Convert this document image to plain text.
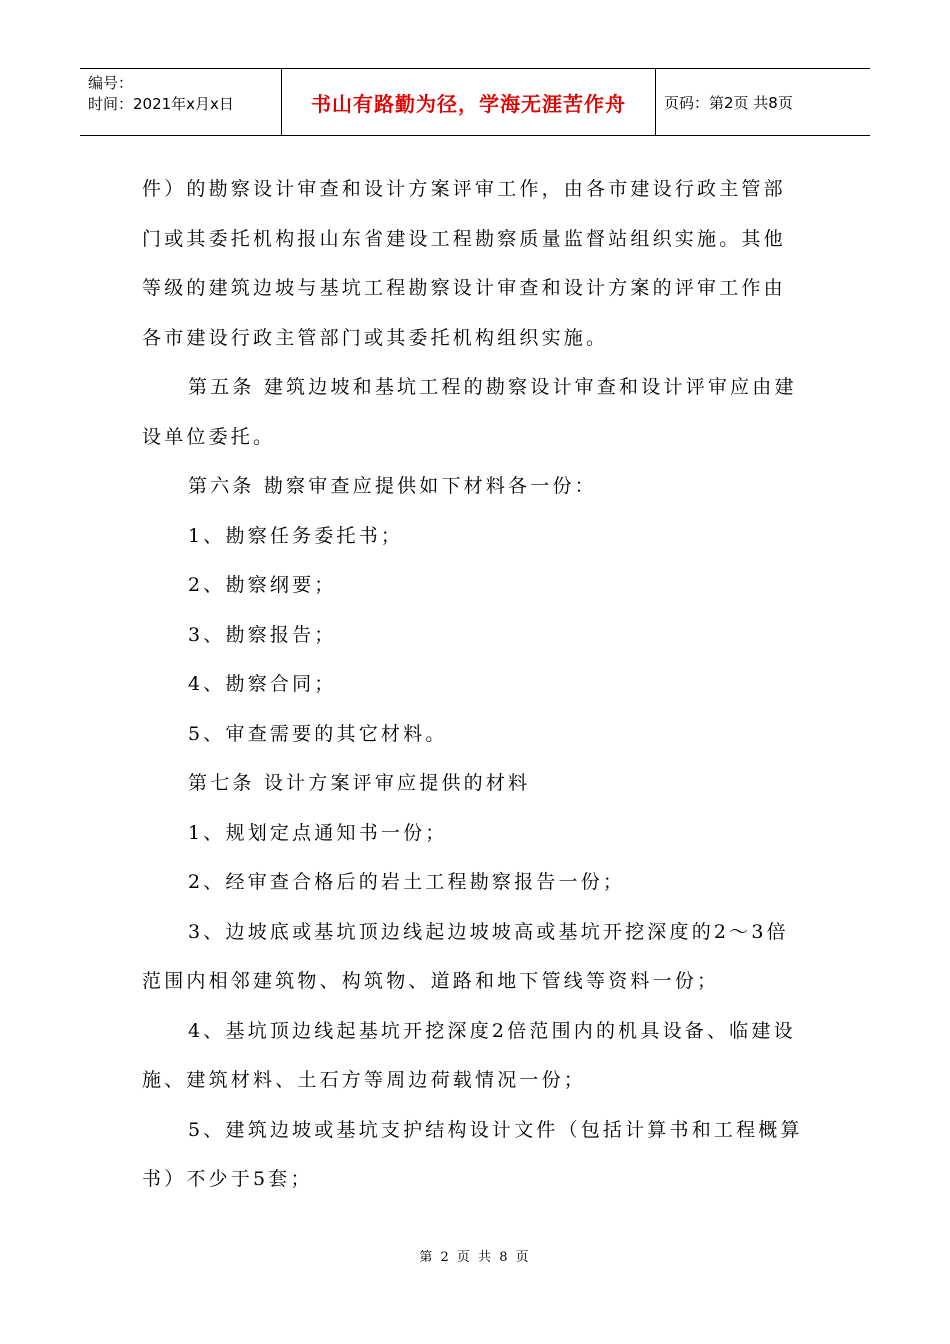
编号：
时间：2021年x月x日	书山有路勤为径，学海无涯苦作舟	页码：第2页 共8页

件）的勘察设计审查和设计方案评审工作，由各市建设行政主管部门或其委托机构报山东省建设工程勘察质量监督站组织实施。其他等级的建筑边坡与基坑工程勘察设计审查和设计方案的评审工作由各市建设行政主管部门或其委托机构组织实施。

第五条 建筑边坡和基坑工程的勘察设计审查和设计评审应由建设单位委托。

第六条 勘察审查应提供如下材料各一份：

1、勘察任务委托书；

2、勘察纲要；

3、勘察报告；

4、勘察合同；

5、审查需要的其它材料。

第七条 设计方案评审应提供的材料

1、规划定点通知书一份；

2、经审查合格后的岩土工程勘察报告一份；

3、边坡底或基坑顶边线起边坡坡高或基坑开挖深度的2～3倍范围内相邻建筑物、构筑物、道路和地下管线等资料一份；

4、基坑顶边线起基坑开挖深度2倍范围内的机具设备、临建设施、建筑材料、土石方等周边荷载情况一份；

5、建筑边坡或基坑支护结构设计文件（包括计算书和工程概算书）不少于5套；

第 2 页 共 8 页
